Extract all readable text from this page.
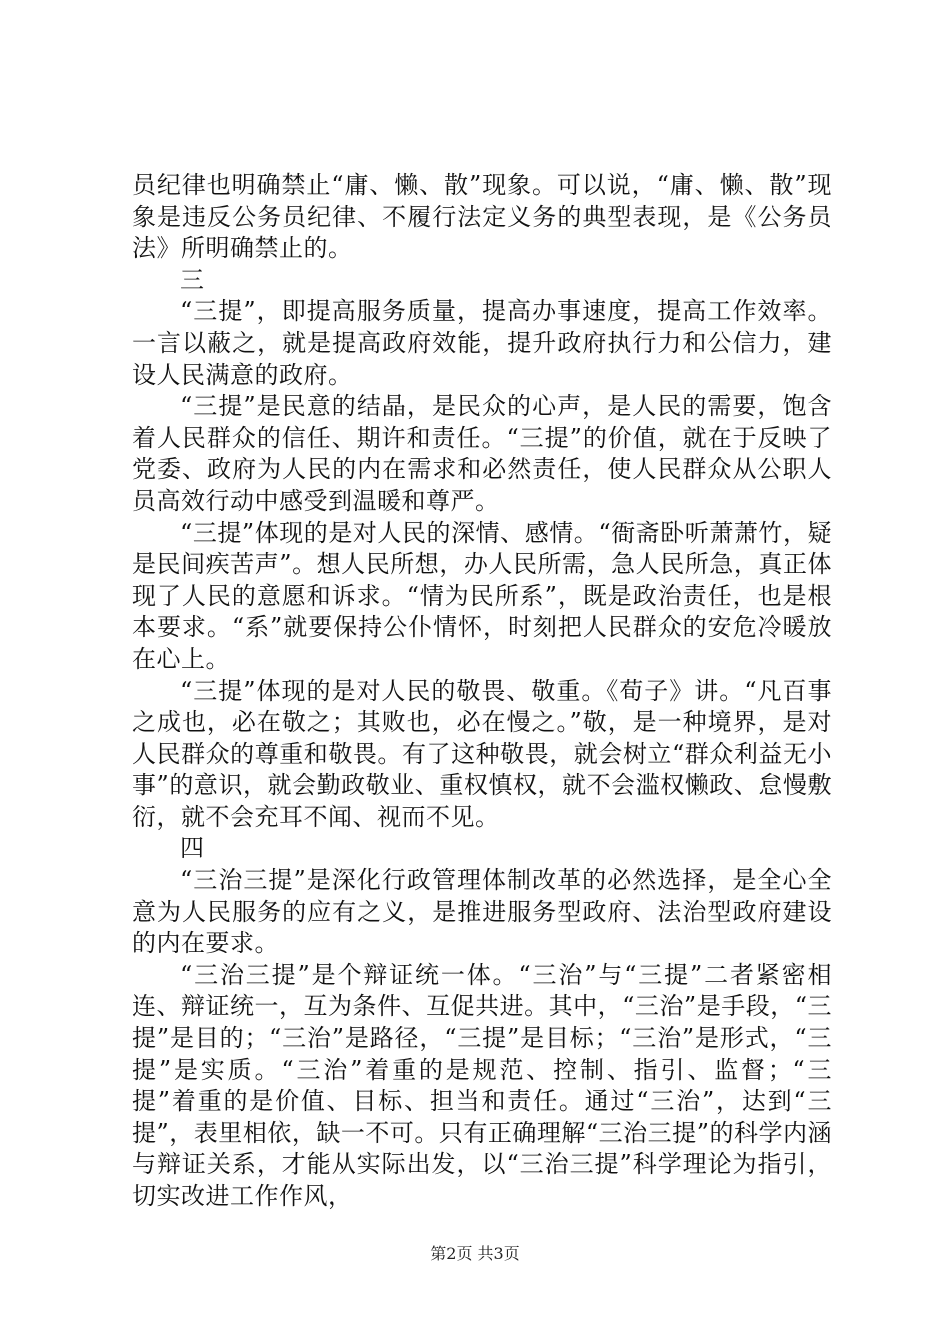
员纪律也明确禁止“庸、懒、散”现象。可以说，“庸、懒、散”现象是违反公务员纪律、不履行法定义务的典型表现，是《公务员法》所明确禁止的。

三

“三提”，即提高服务质量，提高办事速度，提高工作效率。一言以蔽之，就是提高政府效能，提升政府执行力和公信力，建设人民满意的政府。

“三提”是民意的结晶，是民众的心声，是人民的需要，饱含着人民群众的信任、期许和责任。“三提”的价值，就在于反映了党委、政府为人民的内在需求和必然责任，使人民群众从公职人员高效行动中感受到温暖和尊严。

“三提”体现的是对人民的深情、感情。“衙斋卧听萧萧竹，疑是民间疾苦声”。想人民所想，办人民所需，急人民所急，真正体现了人民的意愿和诉求。“情为民所系”，既是政治责任，也是根本要求。“系”就要保持公仆情怀，时刻把人民群众的安危冷暖放在心上。

“三提”体现的是对人民的敬畏、敬重。《荀子》讲。“凡百事之成也，必在敬之；其败也，必在慢之。”敬，是一种境界，是对人民群众的尊重和敬畏。有了这种敬畏，就会树立“群众利益无小事”的意识，就会勤政敬业、重权慎权，就不会滥权懒政、怠慢敷衍，就不会充耳不闻、视而不见。

四

“三治三提”是深化行政管理体制改革的必然选择，是全心全意为人民服务的应有之义，是推进服务型政府、法治型政府建设的内在要求。

“三治三提”是个辩证统一体。“三治”与“三提”二者紧密相连、辩证统一，互为条件、互促共进。其中，“三治”是手段，“三提”是目的；“三治”是路径，“三提”是目标；“三治”是形式，“三提”是实质。“三治”着重的是规范、控制、指引、监督；“三提”着重的是价值、目标、担当和责任。通过“三治”，达到“三提”，表里相依，缺一不可。只有正确理解“三治三提”的科学内涵与辩证关系，才能从实际出发，以“三治三提”科学理论为指引，切实改进工作作风，

第2页 共3页
